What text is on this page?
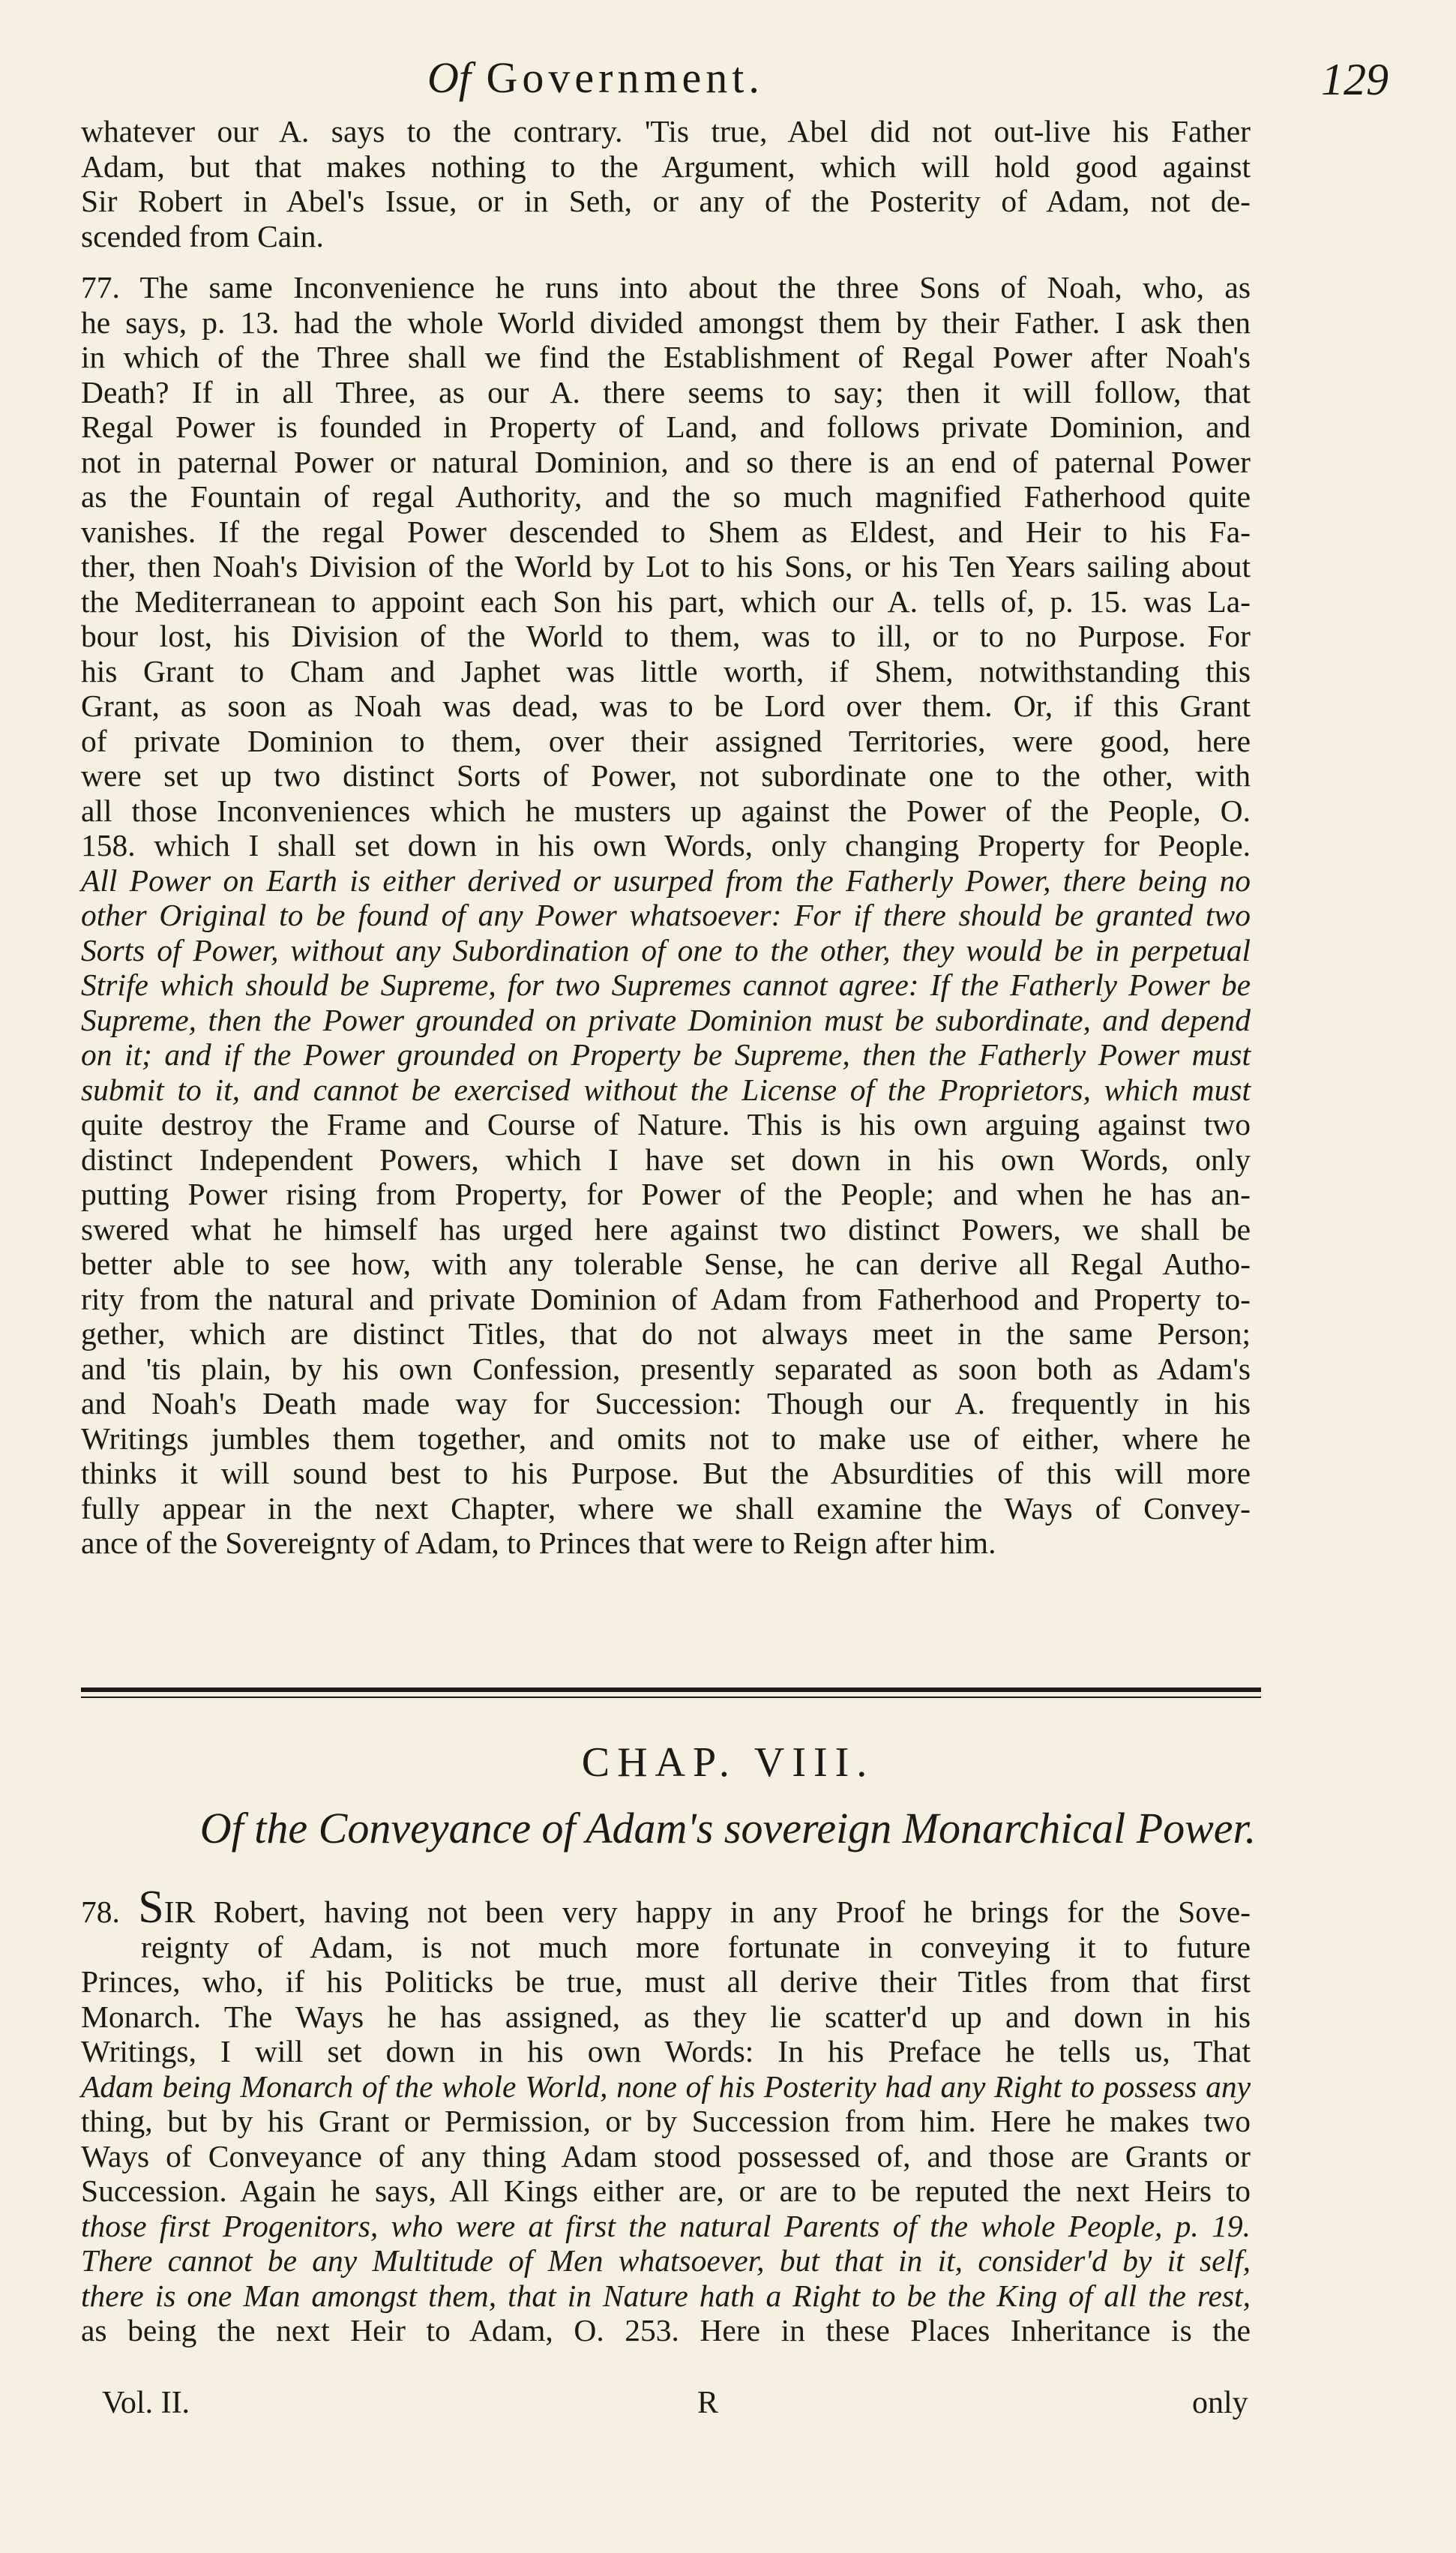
Of Government.	129
whatever our A. says to the contrary. 'Tis true, Abel did not out-live his Father
Adam, but that makes nothing to the Argument, which will hold good against
Sir Robert in Abel's Issue, or in Seth, or any of the Posterity of Adam, not de-
scended from Cain.
77. The same Inconvenience he runs into about the three Sons of Noah, who, as
he says, p. 13. had the whole World divided amongst them by their Father. I ask then
in which of the Three shall we find the Establishment of Regal Power after Noah's
Death? If in all Three, as our A. there seems to say; then it will follow, that
Regal Power is founded in Property of Land, and follows private Dominion, and
not in paternal Power or natural Dominion, and so there is an end of paternal Power
as the Fountain of regal Authority, and the so much magnified Fatherhood quite
vanishes. If the regal Power descended to Shem as Eldest, and Heir to his Fa-
ther, then Noah's Division of the World by Lot to his Sons, or his Ten Years sailing about
the Mediterranean to appoint each Son his part, which our A. tells of, p. 15. was La-
bour lost, his Division of the World to them, was to ill, or to no Purpose. For
his Grant to Cham and Japhet was little worth, if Shem, notwithstanding this
Grant, as soon as Noah was dead, was to be Lord over them. Or, if this Grant
of private Dominion to them, over their assigned Territories, were good, here
were set up two distinct Sorts of Power, not subordinate one to the other, with
all those Inconveniences which he musters up against the Power of the People, O.
158. which I shall set down in his own Words, only changing Property for People.
All Power on Earth is either derived or usurped from the Fatherly Power, there being no
other Original to be found of any Power whatsoever: For if there should be granted two
Sorts of Power, without any Subordination of one to the other, they would be in perpetual
Strife which should be Supreme, for two Supremes cannot agree: If the Fatherly Power be
Supreme, then the Power grounded on private Dominion must be subordinate, and depend
on it; and if the Power grounded on Property be Supreme, then the Fatherly Power must
submit to it, and cannot be exercised without the License of the Proprietors, which must
quite destroy the Frame and Course of Nature. This is his own arguing against two
distinct Independent Powers, which I have set down in his own Words, only
putting Power rising from Property, for Power of the People; and when he has an-
swered what he himself has urged here against two distinct Powers, we shall be
better able to see how, with any tolerable Sense, he can derive all Regal Autho-
rity from the natural and private Dominion of Adam from Fatherhood and Property to-
gether, which are distinct Titles, that do not always meet in the same Person;
and 'tis plain, by his own Confession, presently separated as soon both as Adam's
and Noah's Death made way for Succession: Though our A. frequently in his
Writings jumbles them together, and omits not to make use of either, where he
thinks it will sound best to his Purpose. But the Absurdities of this will more
fully appear in the next Chapter, where we shall examine the Ways of Convey-
ance of the Sovereignty of Adam, to Princes that were to Reign after him.
CHAP. VIII.
Of the Conveyance of Adam's sovereign Monarchical Power.
78. SIR Robert, having not been very happy in any Proof he brings for the Sove-
reignty of Adam, is not much more fortunate in conveying it to future
Princes, who, if his Politicks be true, must all derive their Titles from that first
Monarch. The Ways he has assigned, as they lie scatter'd up and down in his
Writings, I will set down in his own Words: In his Preface he tells us, That
Adam being Monarch of the whole World, none of his Posterity had any Right to possess any
thing, but by his Grant or Permission, or by Succession from him. Here he makes two
Ways of Conveyance of any thing Adam stood possessed of, and those are Grants or
Succession. Again he says, All Kings either are, or are to be reputed the next Heirs to
those first Progenitors, who were at first the natural Parents of the whole People, p. 19.
There cannot be any Multitude of Men whatsoever, but that in it, consider'd by it self,
there is one Man amongst them, that in Nature hath a Right to be the King of all the rest,
as being the next Heir to Adam, O. 253. Here in these Places Inheritance is the
Vol. II.	R	only
